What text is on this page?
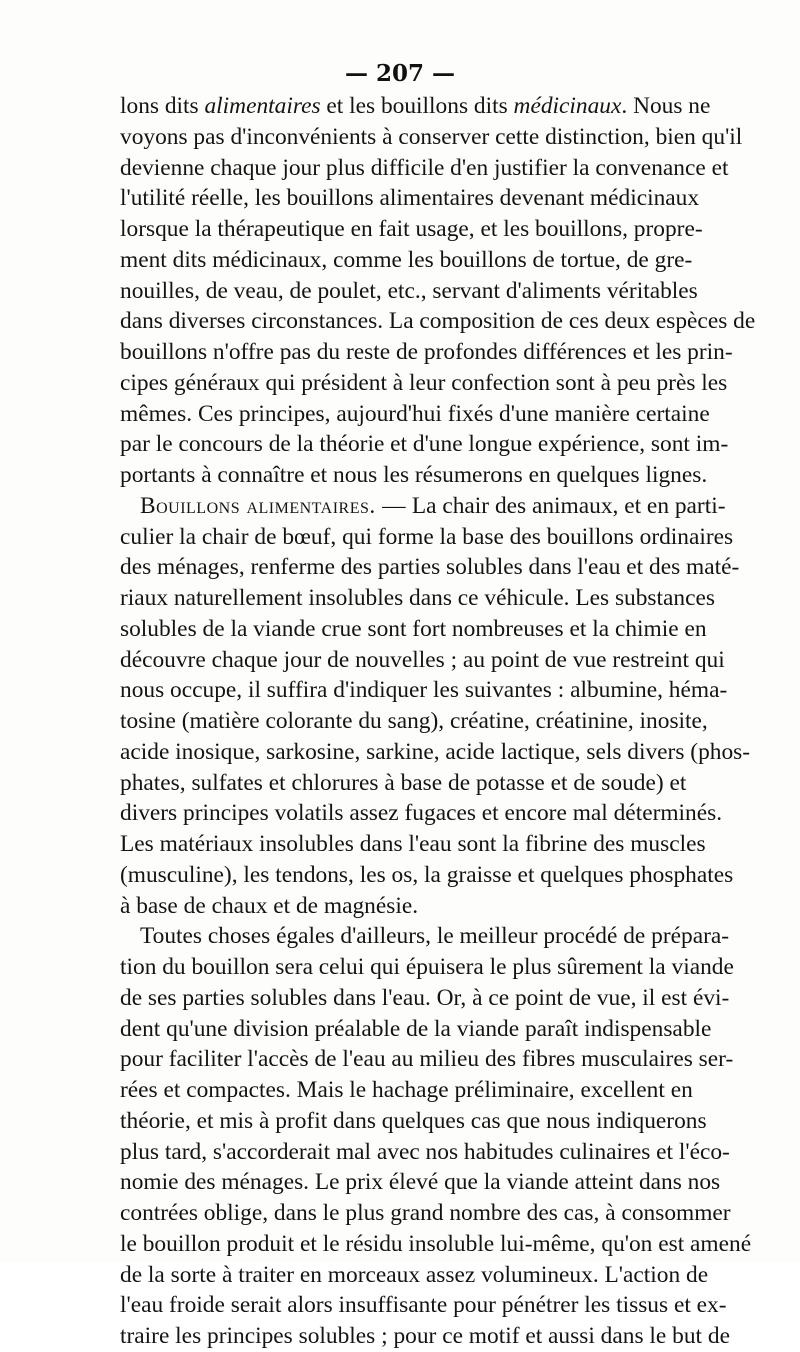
— 207 —
lons dits alimentaires et les bouillons dits médicinaux. Nous ne
voyons pas d'inconvénients à conserver cette distinction, bien qu'il
devienne chaque jour plus difficile d'en justifier la convenance et
l'utilité réelle, les bouillons alimentaires devenant médicinaux
lorsque la thérapeutique en fait usage, et les bouillons, propre-
ment dits médicinaux, comme les bouillons de tortue, de gre-
nouilles, de veau, de poulet, etc., servant d'aliments véritables
dans diverses circonstances. La composition de ces deux espèces de
bouillons n'offre pas du reste de profondes différences et les prin-
cipes généraux qui président à leur confection sont à peu près les
mêmes. Ces principes, aujourd'hui fixés d'une manière certaine
par le concours de la théorie et d'une longue expérience, sont im-
portants à connaître et nous les résumerons en quelques lignes.
Bouillons alimentaires. — La chair des animaux, et en parti-
culier la chair de bœuf, qui forme la base des bouillons ordinaires
des ménages, renferme des parties solubles dans l'eau et des maté-
riaux naturellement insolubles dans ce véhicule. Les substances
solubles de la viande crue sont fort nombreuses et la chimie en
découvre chaque jour de nouvelles ; au point de vue restreint qui
nous occupe, il suffira d'indiquer les suivantes : albumine, héma-
tosine (matière colorante du sang), créatine, créatinine, inosite,
acide inosique, sarkosine, sarkine, acide lactique, sels divers (phos-
phates, sulfates et chlorures à base de potasse et de soude) et
divers principes volatils assez fugaces et encore mal déterminés.
Les matériaux insolubles dans l'eau sont la fibrine des muscles
(musculine), les tendons, les os, la graisse et quelques phosphates
à base de chaux et de magnésie.
Toutes choses égales d'ailleurs, le meilleur procédé de prépara-
tion du bouillon sera celui qui épuisera le plus sûrement la viande
de ses parties solubles dans l'eau. Or, à ce point de vue, il est évi-
dent qu'une division préalable de la viande paraît indispensable
pour faciliter l'accès de l'eau au milieu des fibres musculaires ser-
rées et compactes. Mais le hachage préliminaire, excellent en
théorie, et mis à profit dans quelques cas que nous indiquerons
plus tard, s'accorderait mal avec nos habitudes culinaires et l'éco-
nomie des ménages. Le prix élevé que la viande atteint dans nos
contrées oblige, dans le plus grand nombre des cas, à consommer
le bouillon produit et le résidu insoluble lui-même, qu'on est amené
de la sorte à traiter en morceaux assez volumineux. L'action de
l'eau froide serait alors insuffisante pour pénétrer les tissus et ex-
traire les principes solubles ; pour ce motif et aussi dans le but de
